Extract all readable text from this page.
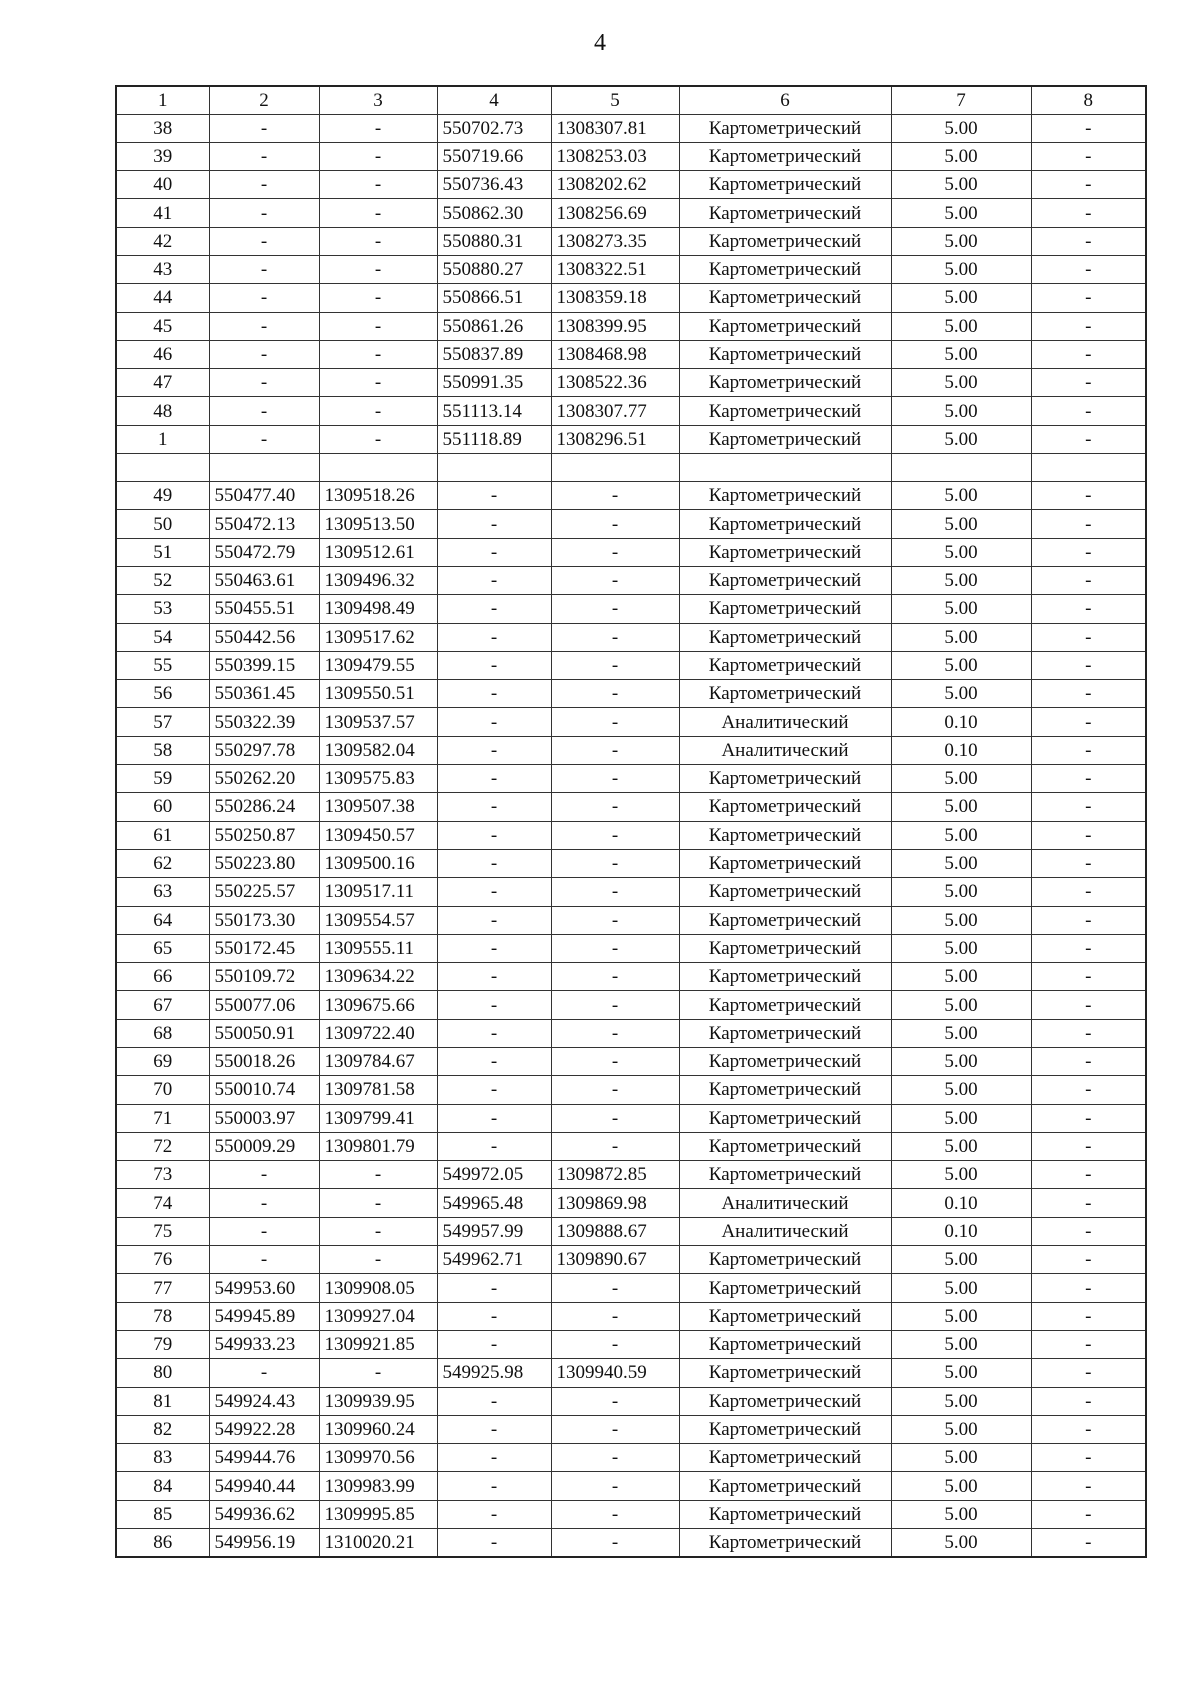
4
1	2	3	4	5	6	7	8
38	-	-	550702.73	1308307.81	Картометрический	5.00	-
39	-	-	550719.66	1308253.03	Картометрический	5.00	-
40	-	-	550736.43	1308202.62	Картометрический	5.00	-
41	-	-	550862.30	1308256.69	Картометрический	5.00	-
42	-	-	550880.31	1308273.35	Картометрический	5.00	-
43	-	-	550880.27	1308322.51	Картометрический	5.00	-
44	-	-	550866.51	1308359.18	Картометрический	5.00	-
45	-	-	550861.26	1308399.95	Картометрический	5.00	-
46	-	-	550837.89	1308468.98	Картометрический	5.00	-
47	-	-	550991.35	1308522.36	Картометрический	5.00	-
48	-	-	551113.14	1308307.77	Картометрический	5.00	-
1	-	-	551118.89	1308296.51	Картометрический	5.00	-

49	550477.40	1309518.26	-	-	Картометрический	5.00	-
50	550472.13	1309513.50	-	-	Картометрический	5.00	-
51	550472.79	1309512.61	-	-	Картометрический	5.00	-
52	550463.61	1309496.32	-	-	Картометрический	5.00	-
53	550455.51	1309498.49	-	-	Картометрический	5.00	-
54	550442.56	1309517.62	-	-	Картометрический	5.00	-
55	550399.15	1309479.55	-	-	Картометрический	5.00	-
56	550361.45	1309550.51	-	-	Картометрический	5.00	-
57	550322.39	1309537.57	-	-	Аналитический	0.10	-
58	550297.78	1309582.04	-	-	Аналитический	0.10	-
59	550262.20	1309575.83	-	-	Картометрический	5.00	-
60	550286.24	1309507.38	-	-	Картометрический	5.00	-
61	550250.87	1309450.57	-	-	Картометрический	5.00	-
62	550223.80	1309500.16	-	-	Картометрический	5.00	-
63	550225.57	1309517.11	-	-	Картометрический	5.00	-
64	550173.30	1309554.57	-	-	Картометрический	5.00	-
65	550172.45	1309555.11	-	-	Картометрический	5.00	-
66	550109.72	1309634.22	-	-	Картометрический	5.00	-
67	550077.06	1309675.66	-	-	Картометрический	5.00	-
68	550050.91	1309722.40	-	-	Картометрический	5.00	-
69	550018.26	1309784.67	-	-	Картометрический	5.00	-
70	550010.74	1309781.58	-	-	Картометрический	5.00	-
71	550003.97	1309799.41	-	-	Картометрический	5.00	-
72	550009.29	1309801.79	-	-	Картометрический	5.00	-
73	-	-	549972.05	1309872.85	Картометрический	5.00	-
74	-	-	549965.48	1309869.98	Аналитический	0.10	-
75	-	-	549957.99	1309888.67	Аналитический	0.10	-
76	-	-	549962.71	1309890.67	Картометрический	5.00	-
77	549953.60	1309908.05	-	-	Картометрический	5.00	-
78	549945.89	1309927.04	-	-	Картометрический	5.00	-
79	549933.23	1309921.85	-	-	Картометрический	5.00	-
80	-	-	549925.98	1309940.59	Картометрический	5.00	-
81	549924.43	1309939.95	-	-	Картометрический	5.00	-
82	549922.28	1309960.24	-	-	Картометрический	5.00	-
83	549944.76	1309970.56	-	-	Картометрический	5.00	-
84	549940.44	1309983.99	-	-	Картометрический	5.00	-
85	549936.62	1309995.85	-	-	Картометрический	5.00	-
86	549956.19	1310020.21	-	-	Картометрический	5.00	-
